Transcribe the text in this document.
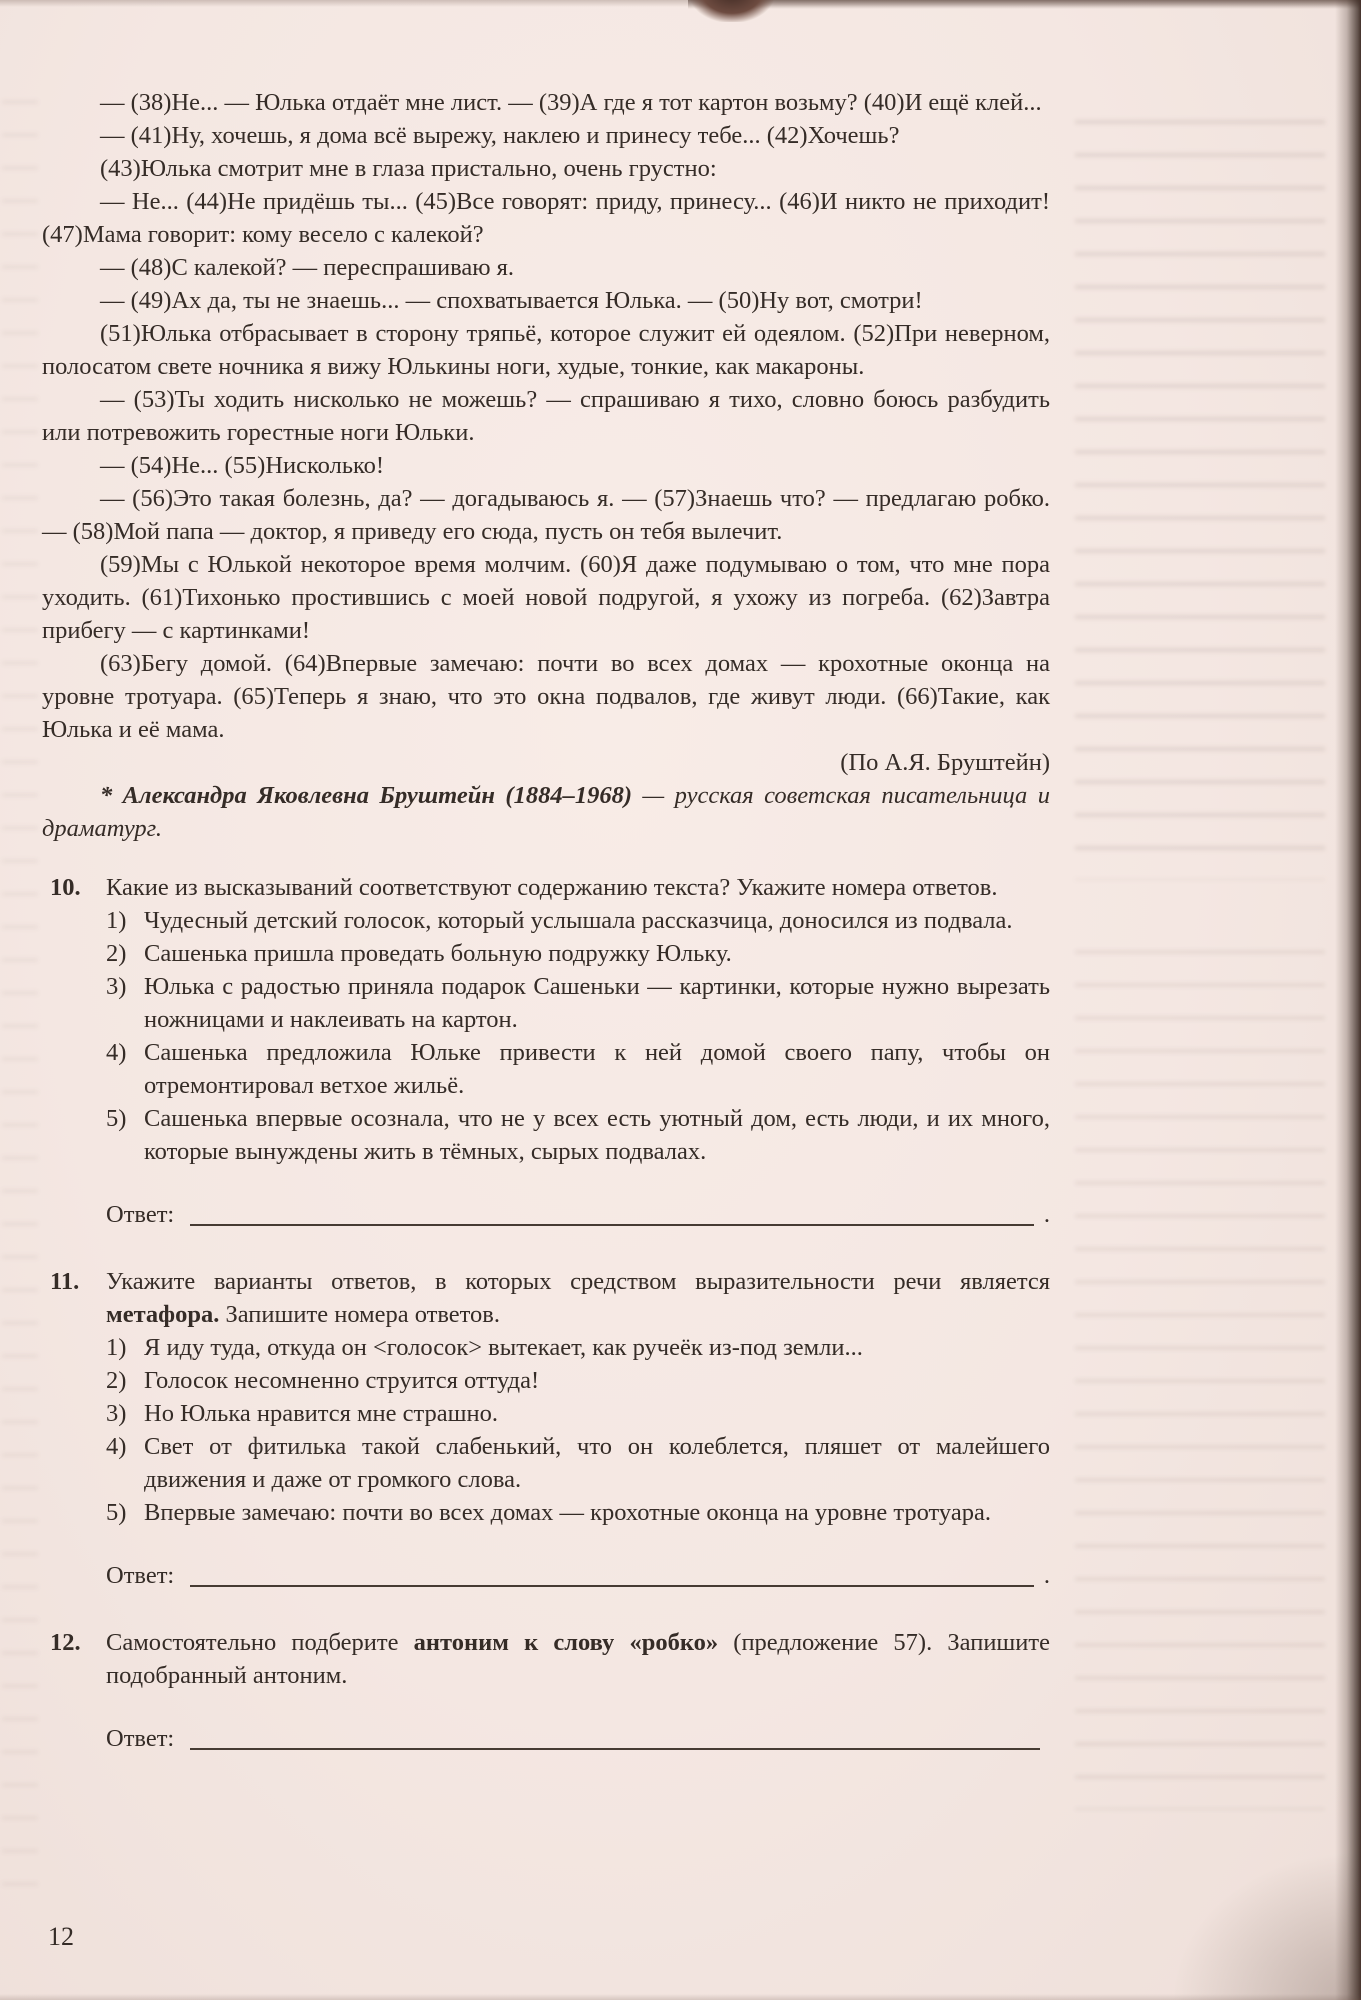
— (38)Не... — Юлька отдаёт мне лист. — (39)А где я тот картон возьму? (40)И ещё клей...

— (41)Ну, хочешь, я дома всё вырежу, наклею и принесу тебе... (42)Хочешь?

(43)Юлька смотрит мне в глаза пристально, очень грустно:

— Не... (44)Не придёшь ты... (45)Все говорят: приду, принесу... (46)И никто не приходит! (47)Мама говорит: кому весело с калекой?

— (48)С калекой? — переспрашиваю я.

— (49)Ах да, ты не знаешь... — спохватывается Юлька. — (50)Ну вот, смотри!

(51)Юлька отбрасывает в сторону тряпьё, которое служит ей одеялом. (52)При неверном, полосатом свете ночника я вижу Юлькины ноги, худые, тонкие, как макароны.

— (53)Ты ходить нисколько не можешь? — спрашиваю я тихо, словно боюсь разбудить или потревожить горестные ноги Юльки.

— (54)Не... (55)Нисколько!

— (56)Это такая болезнь, да? — догадываюсь я. — (57)Знаешь что? — предлагаю робко. — (58)Мой папа — доктор, я приведу его сюда, пусть он тебя вылечит.

(59)Мы с Юлькой некоторое время молчим. (60)Я даже подумываю о том, что мне пора уходить. (61)Тихонько простившись с моей новой подругой, я ухожу из погреба. (62)Завтра прибегу — с картинками!

(63)Бегу домой. (64)Впервые замечаю: почти во всех домах — крохотные оконца на уровне тротуара. (65)Теперь я знаю, что это окна подвалов, где живут люди. (66)Такие, как Юлька и её мама.

(По А.Я. Бруштейн)

* Александра Яковлевна Бруштейн (1884–1968) — русская советская писательница и драматург.

10.	Какие из высказываний соответствуют содержанию текста? Укажите номера ответов.

1) Чудесный детский голосок, который услышала рассказчица, доносился из подвала.
2) Сашенька пришла проведать больную подружку Юльку.
3) Юлька с радостью приняла подарок Сашеньки — картинки, которые нужно вырезать ножницами и наклеивать на картон.
4) Сашенька предложила Юльке привести к ней домой своего папу, чтобы он отремонтировал ветхое жильё.
5) Сашенька впервые осознала, что не у всех есть уютный дом, есть люди, и их много, которые вынуждены жить в тёмных, сырых подвалах.
Ответ:	.
11.	Укажите варианты ответов, в которых средством выразительности речи является метафора. Запишите номера ответов.

1) Я иду туда, откуда он <голосок> вытекает, как ручеёк из-под земли...
2) Голосок несомненно струится оттуда!
3) Но Юлька нравится мне страшно.
4) Свет от фитилька такой слабенький, что он колеблется, пляшет от малейшего движения и даже от громкого слова.
5) Впервые замечаю: почти во всех домах — крохотные оконца на уровне тротуара.
Ответ:	.
12.	Самостоятельно подберите антоним к слову «робко» (предложение 57). Запишите подобранный антоним.

Ответ:
12
